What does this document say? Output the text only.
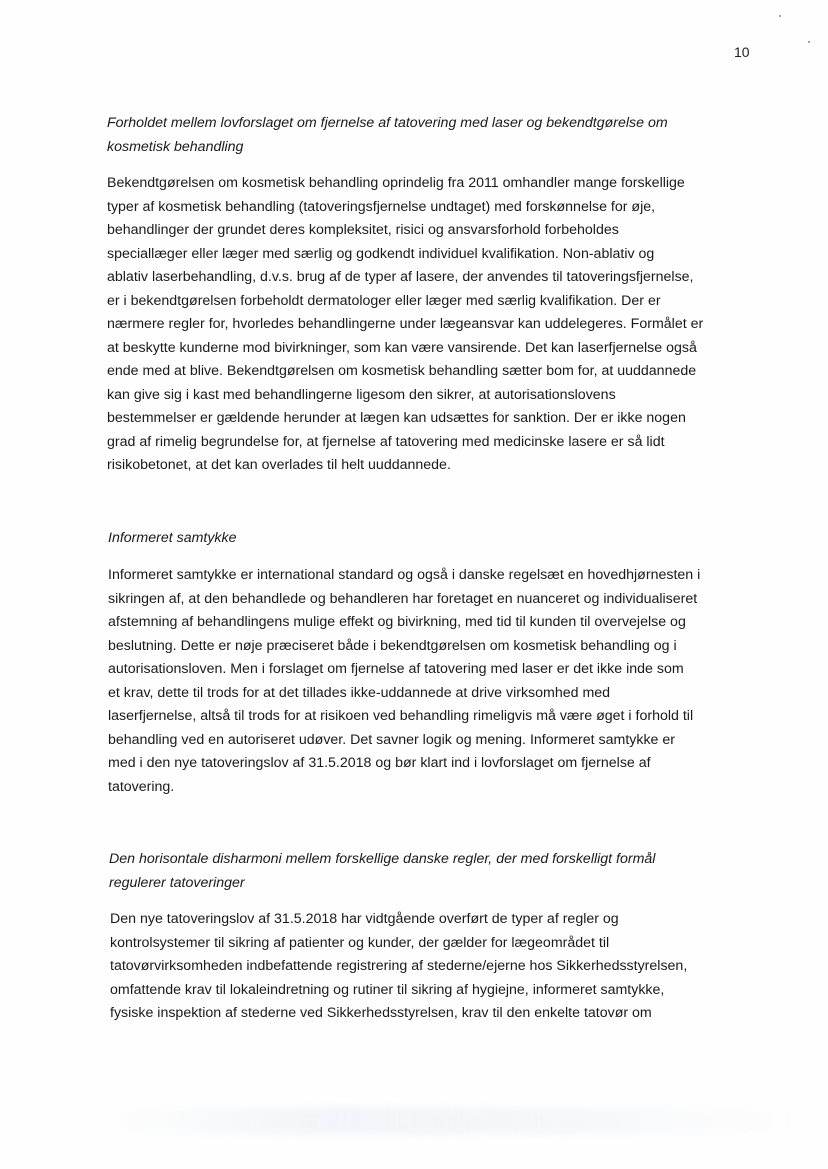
10
Forholdet mellem lovforslaget om fjernelse af tatovering med laser og bekendtgørelse om
kosmetisk behandling
Bekendtgørelsen om kosmetisk behandling oprindelig fra 2011 omhandler mange forskellige
typer af kosmetisk behandling (tatoveringsfjernelse undtaget) med forskønnelse for øje,
behandlinger der grundet deres kompleksitet, risici og ansvarsforhold forbeholdes
speciallæger eller læger med særlig og godkendt individuel kvalifikation. Non-ablativ og
ablativ laserbehandling, d.v.s. brug af de typer af lasere, der anvendes til tatoveringsfjernelse,
er i bekendtgørelsen forbeholdt dermatologer eller læger med særlig kvalifikation. Der er
nærmere regler for, hvorledes behandlingerne under lægeansvar kan uddelegeres. Formålet er
at beskytte kunderne mod bivirkninger, som kan være vansirende. Det kan laserfjernelse også
ende med at blive. Bekendtgørelsen om kosmetisk behandling sætter bom for, at uuddannede
kan give sig i kast med behandlingerne ligesom den sikrer, at autorisationslovens
bestemmelser er gældende herunder at lægen kan udsættes for sanktion. Der er ikke nogen
grad af rimelig begrundelse for, at fjernelse af tatovering med medicinske lasere er så lidt
risikobetonet, at det kan overlades til helt uuddannede.
Informeret samtykke
Informeret samtykke er international standard og også i danske regelsæt en hovedhjørnesten i
sikringen af, at den behandlede og behandleren har foretaget en nuanceret og individualiseret
afstemning af behandlingens mulige effekt og bivirkning, med tid til kunden til overvejelse og
beslutning. Dette er nøje præciseret både i bekendtgørelsen om kosmetisk behandling og i
autorisationsloven. Men i forslaget om fjernelse af tatovering med laser er det ikke inde som
et krav, dette til trods for at det tillades ikke-uddannede at drive virksomhed med
laserfjernelse, altså til trods for at risikoen ved behandling rimeligvis må være øget i forhold til
behandling ved en autoriseret udøver. Det savner logik og mening. Informeret samtykke er
med i den nye tatoveringslov af 31.5.2018 og bør klart ind i lovforslaget om fjernelse af
tatovering.
Den horisontale disharmoni mellem forskellige danske regler, der med forskelligt formål
regulerer tatoveringer
Den nye tatoveringslov af 31.5.2018 har vidtgående overført de typer af regler og
kontrolsystemer til sikring af patienter og kunder, der gælder for lægeområdet til
tatovørvirksomheden indbefattende registrering af stederne/ejerne hos Sikkerhedsstyrelsen,
omfattende krav til lokaleindretning og rutiner til sikring af hygiejne, informeret samtykke,
fysiske inspektion af stederne ved Sikkerhedsstyrelsen, krav til den enkelte tatovør om
